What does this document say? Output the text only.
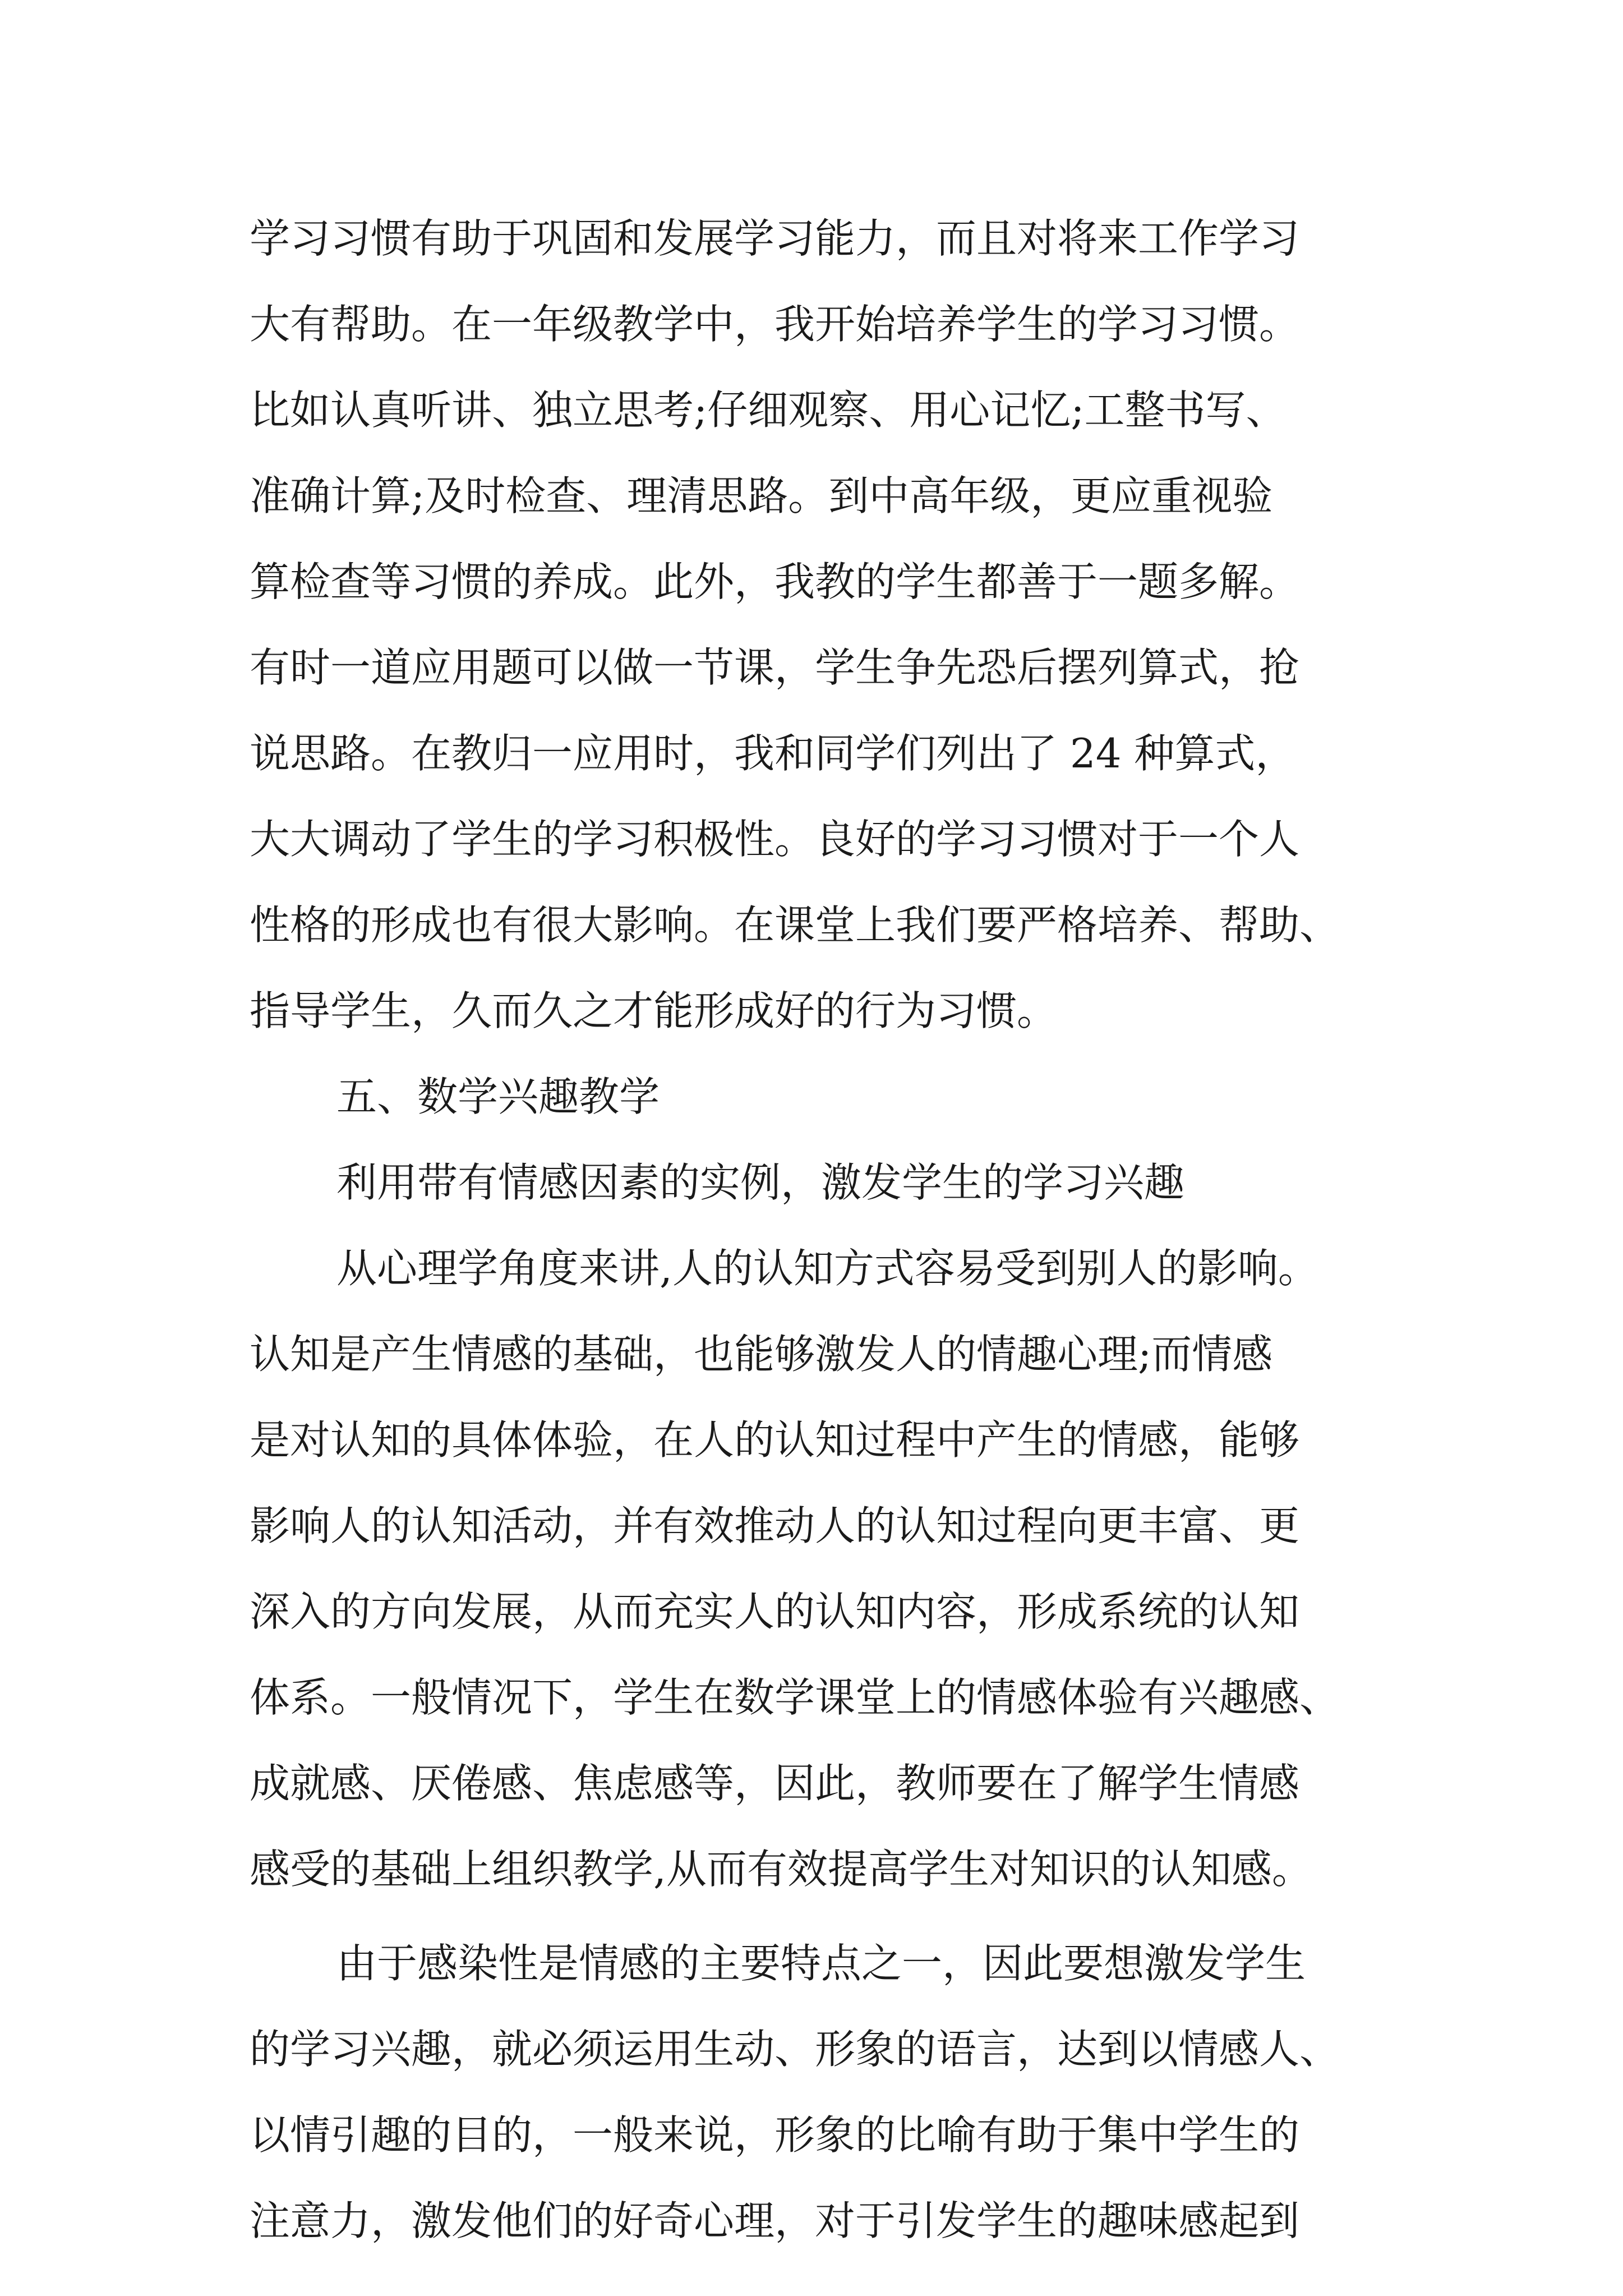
学习习惯有助于巩固和发展学习能力，而且对将来工作学习
大有帮助。在一年级教学中，我开始培养学生的学习习惯。
比如认真听讲、独立思考;仔细观察、用心记忆;工整书写、
准确计算;及时检查、理清思路。到中高年级，更应重视验
算检查等习惯的养成。此外，我教的学生都善于一题多解。
有时一道应用题可以做一节课，学生争先恐后摆列算式，抢
说思路。在教归一应用时，我和同学们列出了 24 种算式，
大大调动了学生的学习积极性。良好的学习习惯对于一个人
性格的形成也有很大影响。在课堂上我们要严格培养、帮助、
指导学生，久而久之才能形成好的行为习惯。
五、数学兴趣教学
利用带有情感因素的实例，激发学生的学习兴趣
从心理学角度来讲,人的认知方式容易受到别人的影响。
认知是产生情感的基础，也能够激发人的情趣心理;而情感
是对认知的具体体验，在人的认知过程中产生的情感，能够
影响人的认知活动，并有效推动人的认知过程向更丰富、更
深入的方向发展，从而充实人的认知内容，形成系统的认知
体系。一般情况下，学生在数学课堂上的情感体验有兴趣感、
成就感、厌倦感、焦虑感等，因此，教师要在了解学生情感
感受的基础上组织教学,从而有效提高学生对知识的认知感。
由于感染性是情感的主要特点之一，因此要想激发学生
的学习兴趣，就必须运用生动、形象的语言，达到以情感人、
以情引趣的目的，一般来说，形象的比喻有助于集中学生的
注意力，激发他们的好奇心理，对于引发学生的趣味感起到
